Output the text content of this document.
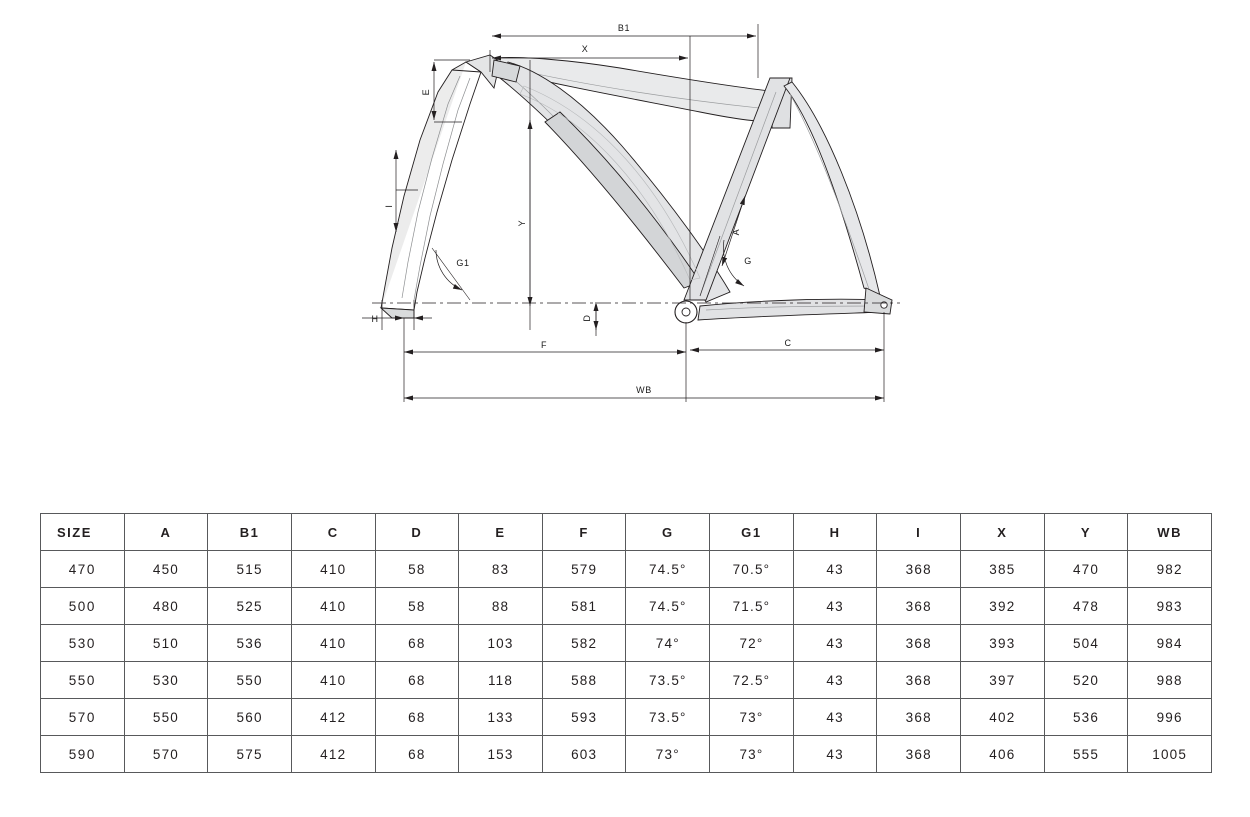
B1
X
E
I
Y
A
G
G1
H	D
F	C
WB
SIZE	A	B1	C	D	E	F	G	G1	H	I	X	Y	WB
470	450	515	410	58	83	579	74.5°	70.5°	43	368	385	470	982
500	480	525	410	58	88	581	74.5°	71.5°	43	368	392	478	983
530	510	536	410	68	103	582	74°	72°	43	368	393	504	984
550	530	550	410	68	118	588	73.5°	72.5°	43	368	397	520	988
570	550	560	412	68	133	593	73.5°	73°	43	368	402	536	996
590	570	575	412	68	153	603	73°	73°	43	368	406	555	1005
